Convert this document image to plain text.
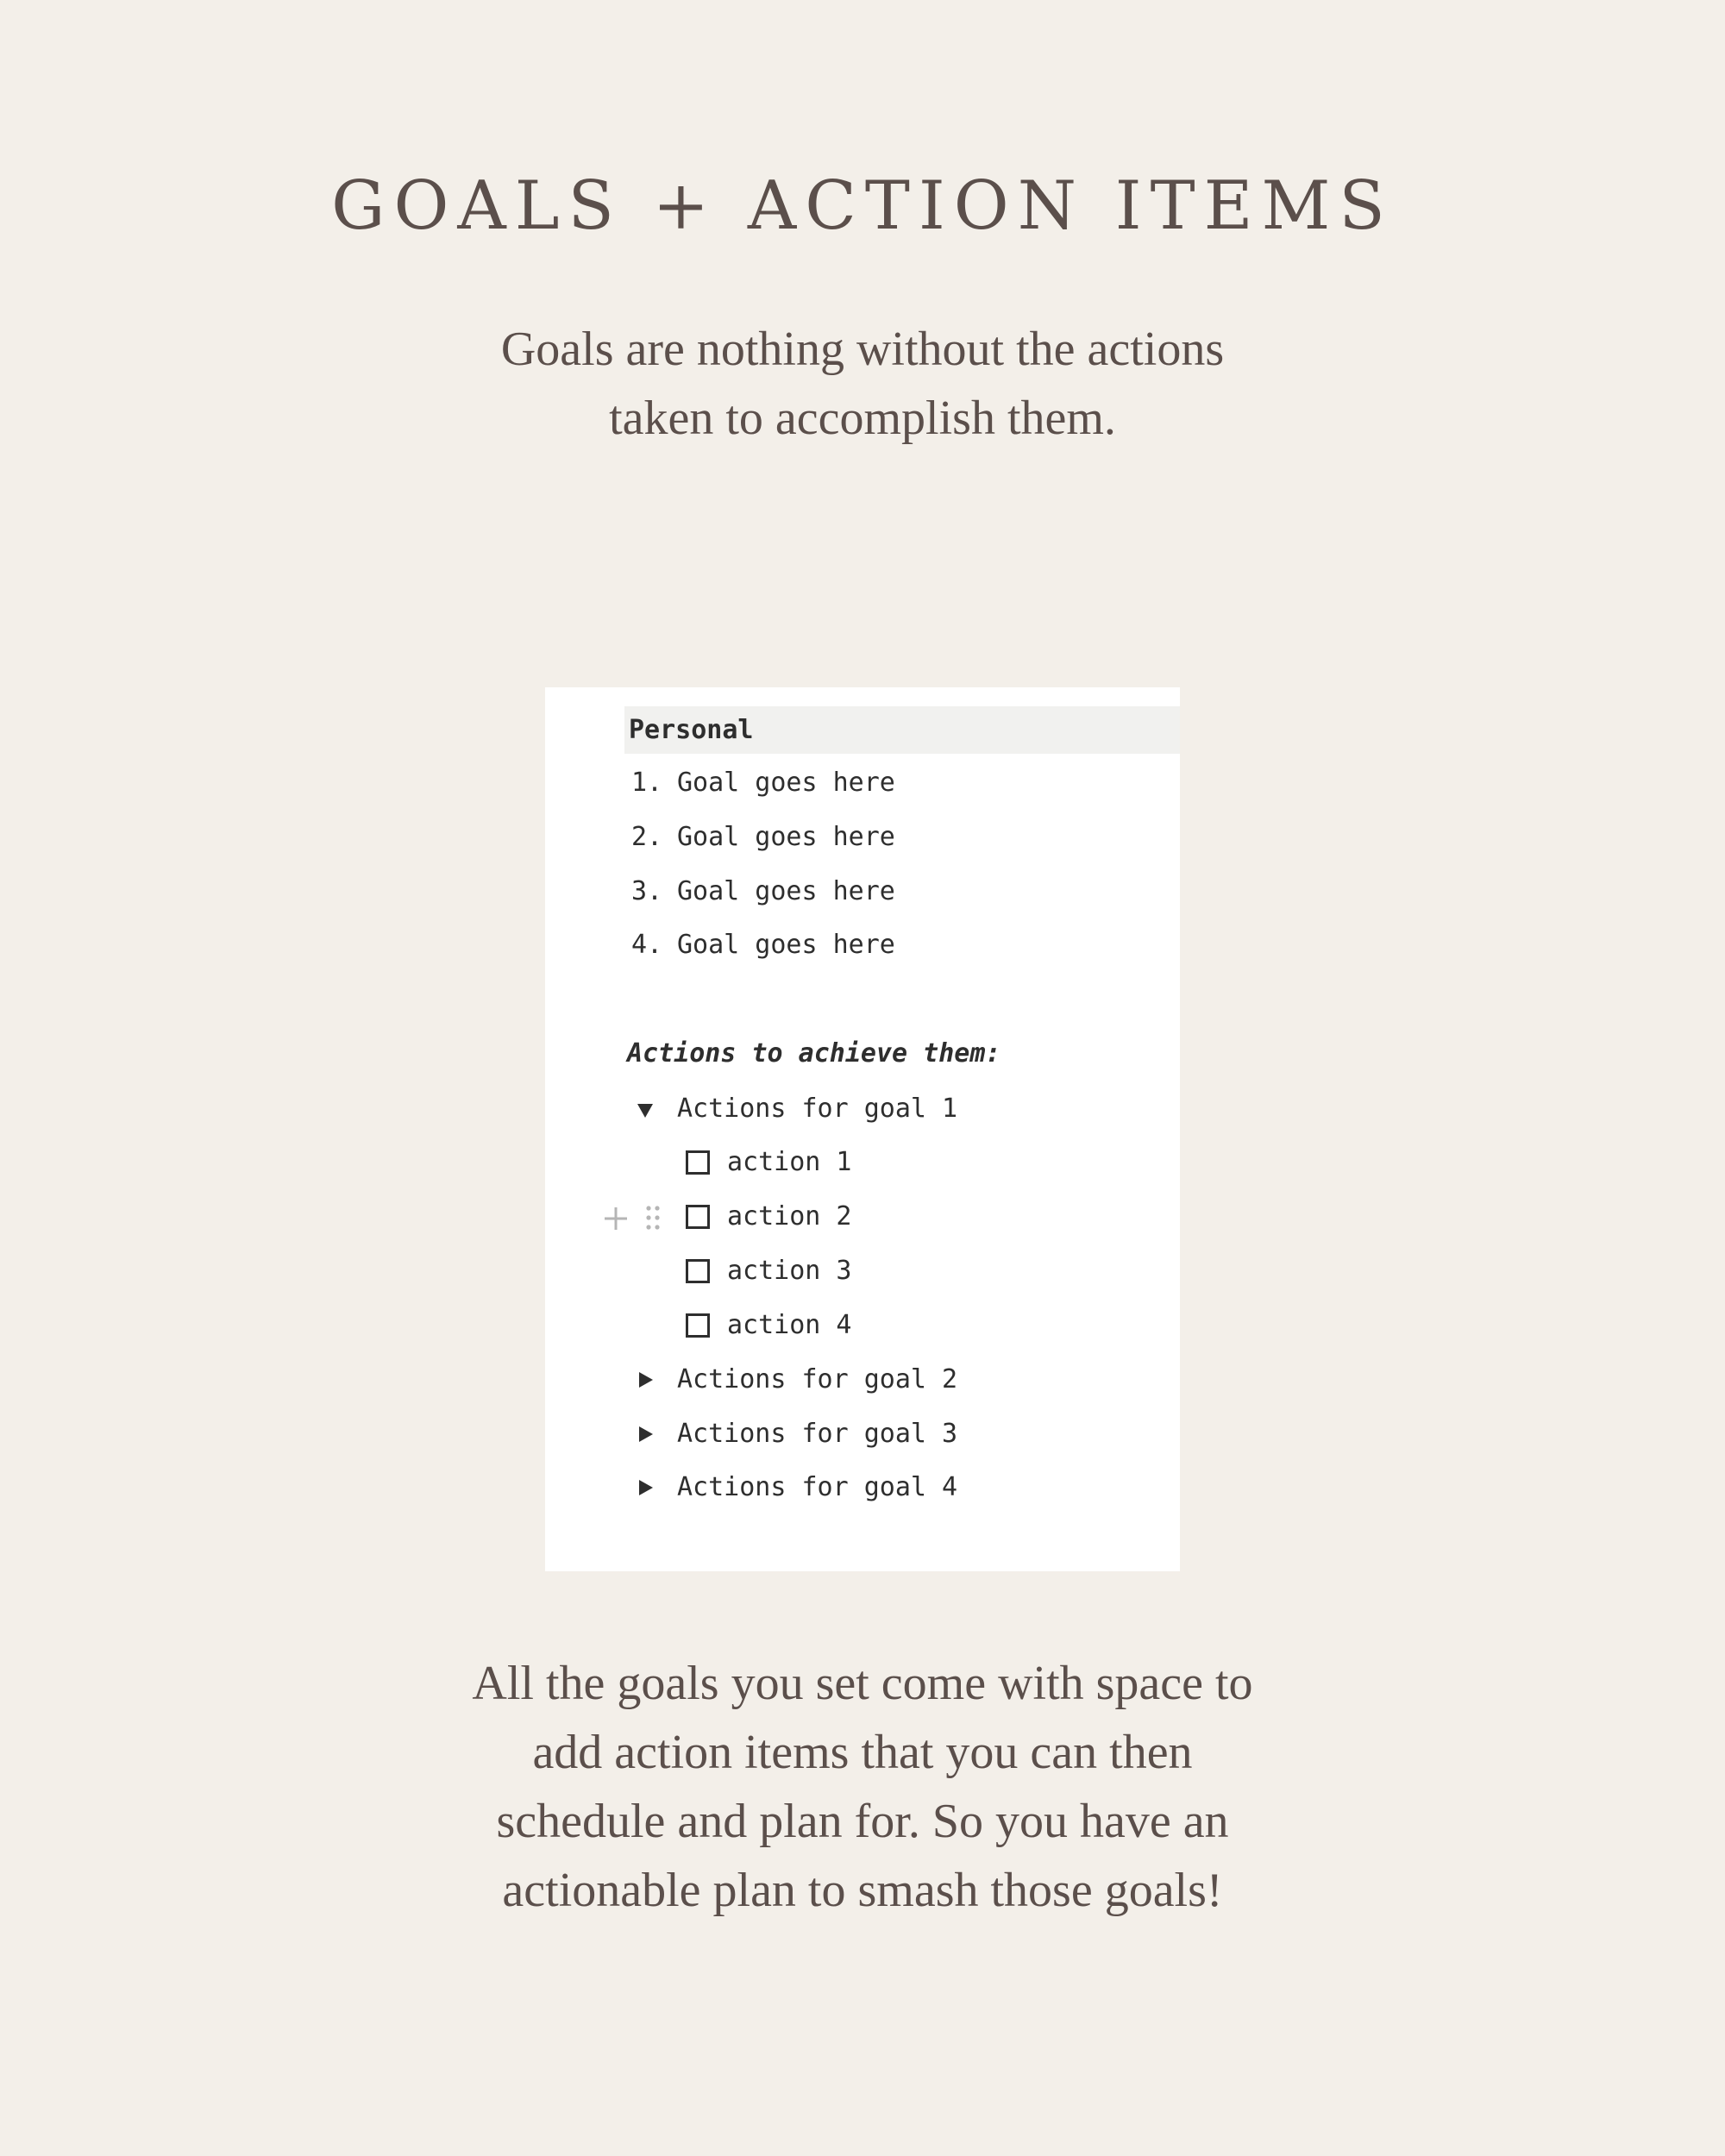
GOALS + ACTION ITEMS
Goals are nothing without the actions
taken to accomplish them.
Personal
1. Goal goes here
2. Goal goes here
3. Goal goes here
4. Goal goes here
Actions to achieve them:
Actions for goal 1
action 1
action 2
action 3
action 4
Actions for goal 2
Actions for goal 3
Actions for goal 4
All the goals you set come with space to
add action items that you can then
schedule and plan for. So you have an
actionable plan to smash those goals!
